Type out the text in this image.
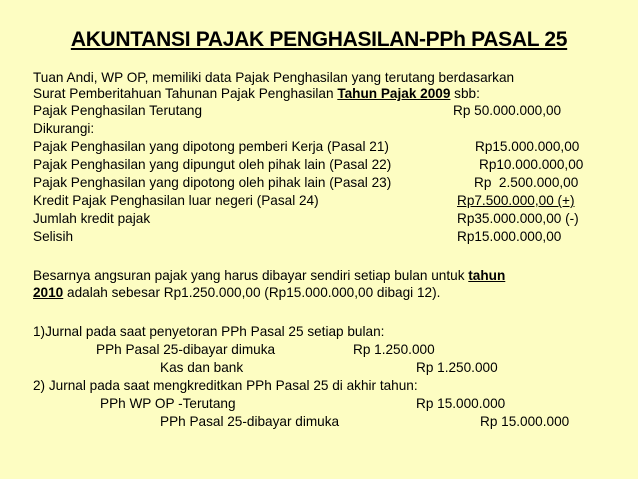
AKUNTANSI PAJAK PENGHASILAN-PPh PASAL 25
Tuan Andi, WP OP, memiliki data Pajak Penghasilan yang terutang berdasarkan
Surat Pemberitahuan Tahunan Pajak Penghasilan Tahun Pajak 2009 sbb:
Pajak Penghasilan Terutang	Rp 50.000.000,00
Dikurangi:
Pajak Penghasilan yang dipotong pemberi Kerja (Pasal 21)	Rp15.000.000,00
Pajak Penghasilan yang dipungut oleh pihak lain (Pasal 22)	Rp10.000.000,00
Pajak Penghasilan yang dipotong oleh pihak lain (Pasal 23)	Rp  2.500.000,00
Kredit Pajak Penghasilan luar negeri (Pasal 24)	Rp7.500.000,00 (+)
Jumlah kredit pajak	Rp35.000.000,00 (-)
Selisih	Rp15.000.000,00
Besarnya angsuran pajak yang harus dibayar sendiri setiap bulan untuk tahun
2010 adalah sebesar Rp1.250.000,00 (Rp15.000.000,00 dibagi 12).
1)Jurnal pada saat penyetoran PPh Pasal 25 setiap bulan:
PPh Pasal 25-dibayar dimuka	Rp 1.250.000
Kas dan bank	Rp 1.250.000
2) Jurnal pada saat mengkreditkan PPh Pasal 25 di akhir tahun:
PPh WP OP -Terutang	Rp 15.000.000
PPh Pasal 25-dibayar dimuka	Rp 15.000.000
